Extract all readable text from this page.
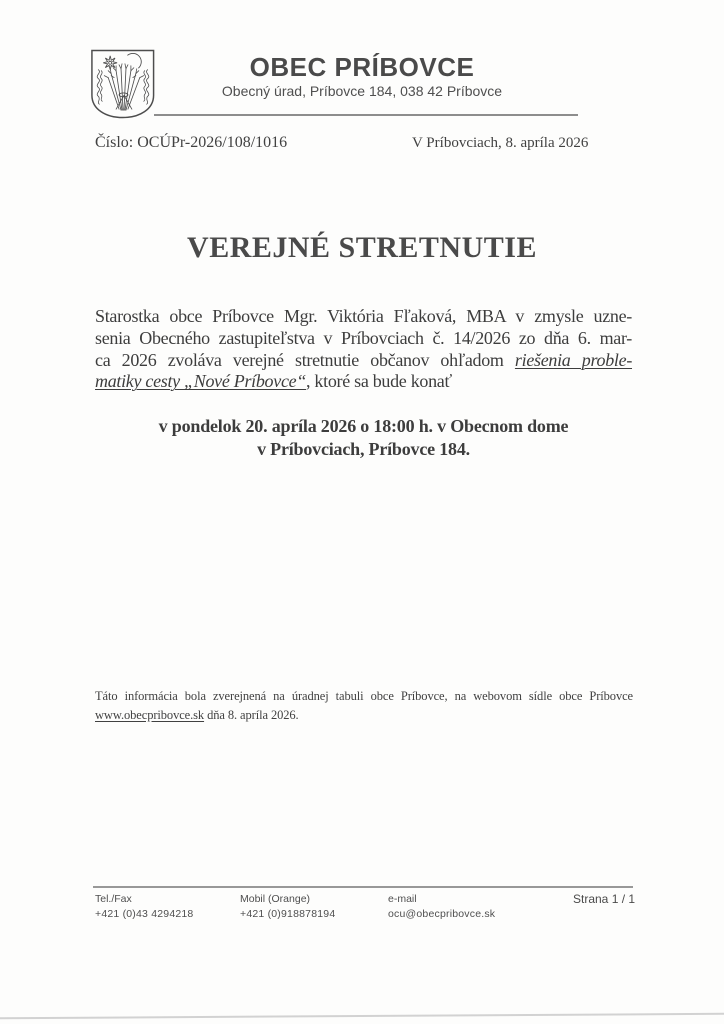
OBEC PRÍBOVCE
Obecný úrad, Príbovce 184, 038 42 Príbovce
Číslo: OCÚPr-2026/108/1016	V Príbovciach, 8. apríla 2026
VEREJNÉ STRETNUTIE
Starostka obce Príbovce Mgr. Viktória Fľaková, MBA v zmysle uzne-
senia Obecného zastupiteľstva v Príbovciach č. 14/2026 zo dňa 6. mar-
ca 2026 zvoláva verejné stretnutie občanov ohľadom riešenia proble-
matiky cesty „Nové Príbovce“, ktoré sa bude konať
v pondelok 20. apríla 2026 o 18:00 h. v Obecnom dome
v Príbovciach, Príbovce 184.

Táto informácia bola zverejnená na úradnej tabuli obce Príbovce, na webovom sídle obce Príbovce www.obecpribovce.sk dňa 8. apríla 2026.

Tel./Fax
+421 (0)43 4294218
Mobil (Orange)
+421 (0)918878194
e-mail
ocu@obecpribovce.sk
Strana 1 / 1
